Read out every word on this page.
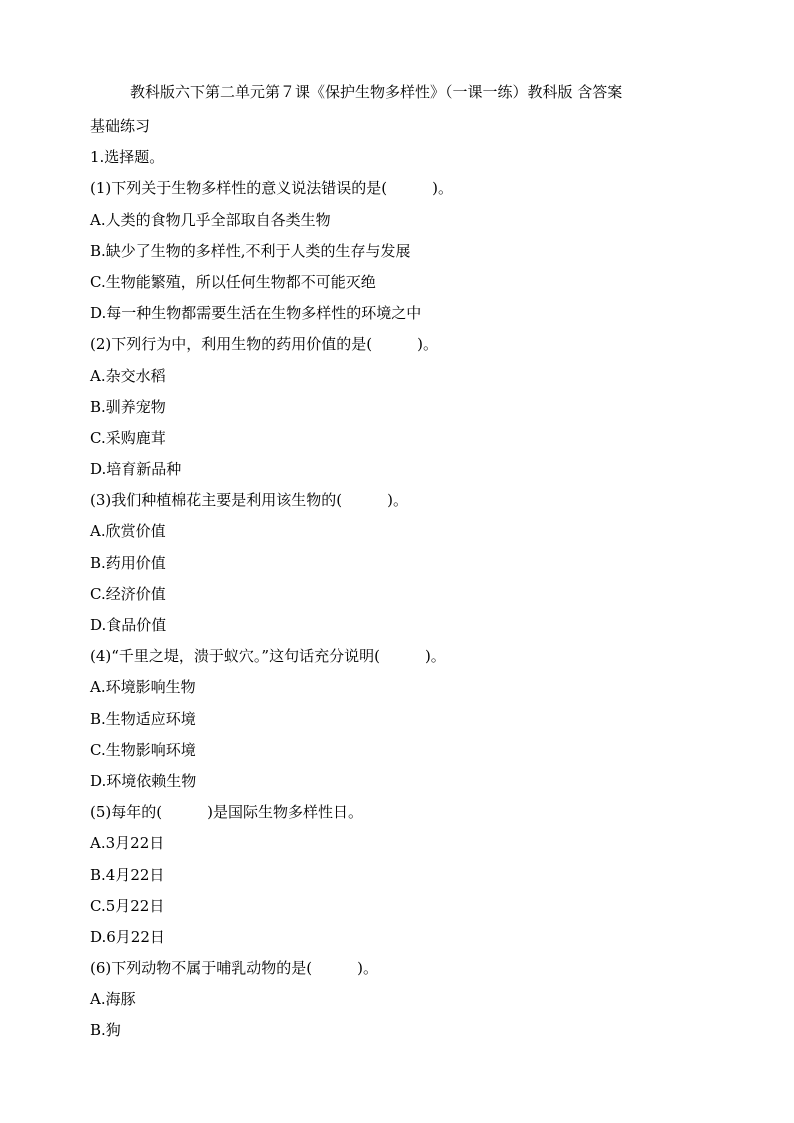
教科版六下第二单元第７课《保护生物多样性》（一课一练）教科版 含答案
基础练习
1.选择题。
(1)下列关于生物多样性的意义说法错误的是(　　　)。
A.人类的食物几乎全部取自各类生物
B.缺少了生物的多样性,不利于人类的生存与发展
C.生物能繁殖，所以任何生物都不可能灭绝
D.每一种生物都需要生活在生物多样性的环境之中
(2)下列行为中，利用生物的药用价值的是(　　　)。
A.杂交水稻
B.驯养宠物
C.采购鹿茸
D.培育新品种
(3)我们种植棉花主要是利用该生物的(　　　)。
A.欣赏价值
B.药用价值
C.经济价值
D.食品价值
(4)“千里之堤，溃于蚁穴。”这句话充分说明(　　　)。
A.环境影响生物
B.生物适应环境
C.生物影响环境
D.环境依赖生物
(5)每年的(　　　)是国际生物多样性日。
A.3月22日
B.4月22日
C.5月22日
D.6月22日
(6)下列动物不属于哺乳动物的是(　　　)。
A.海豚
B.狗
